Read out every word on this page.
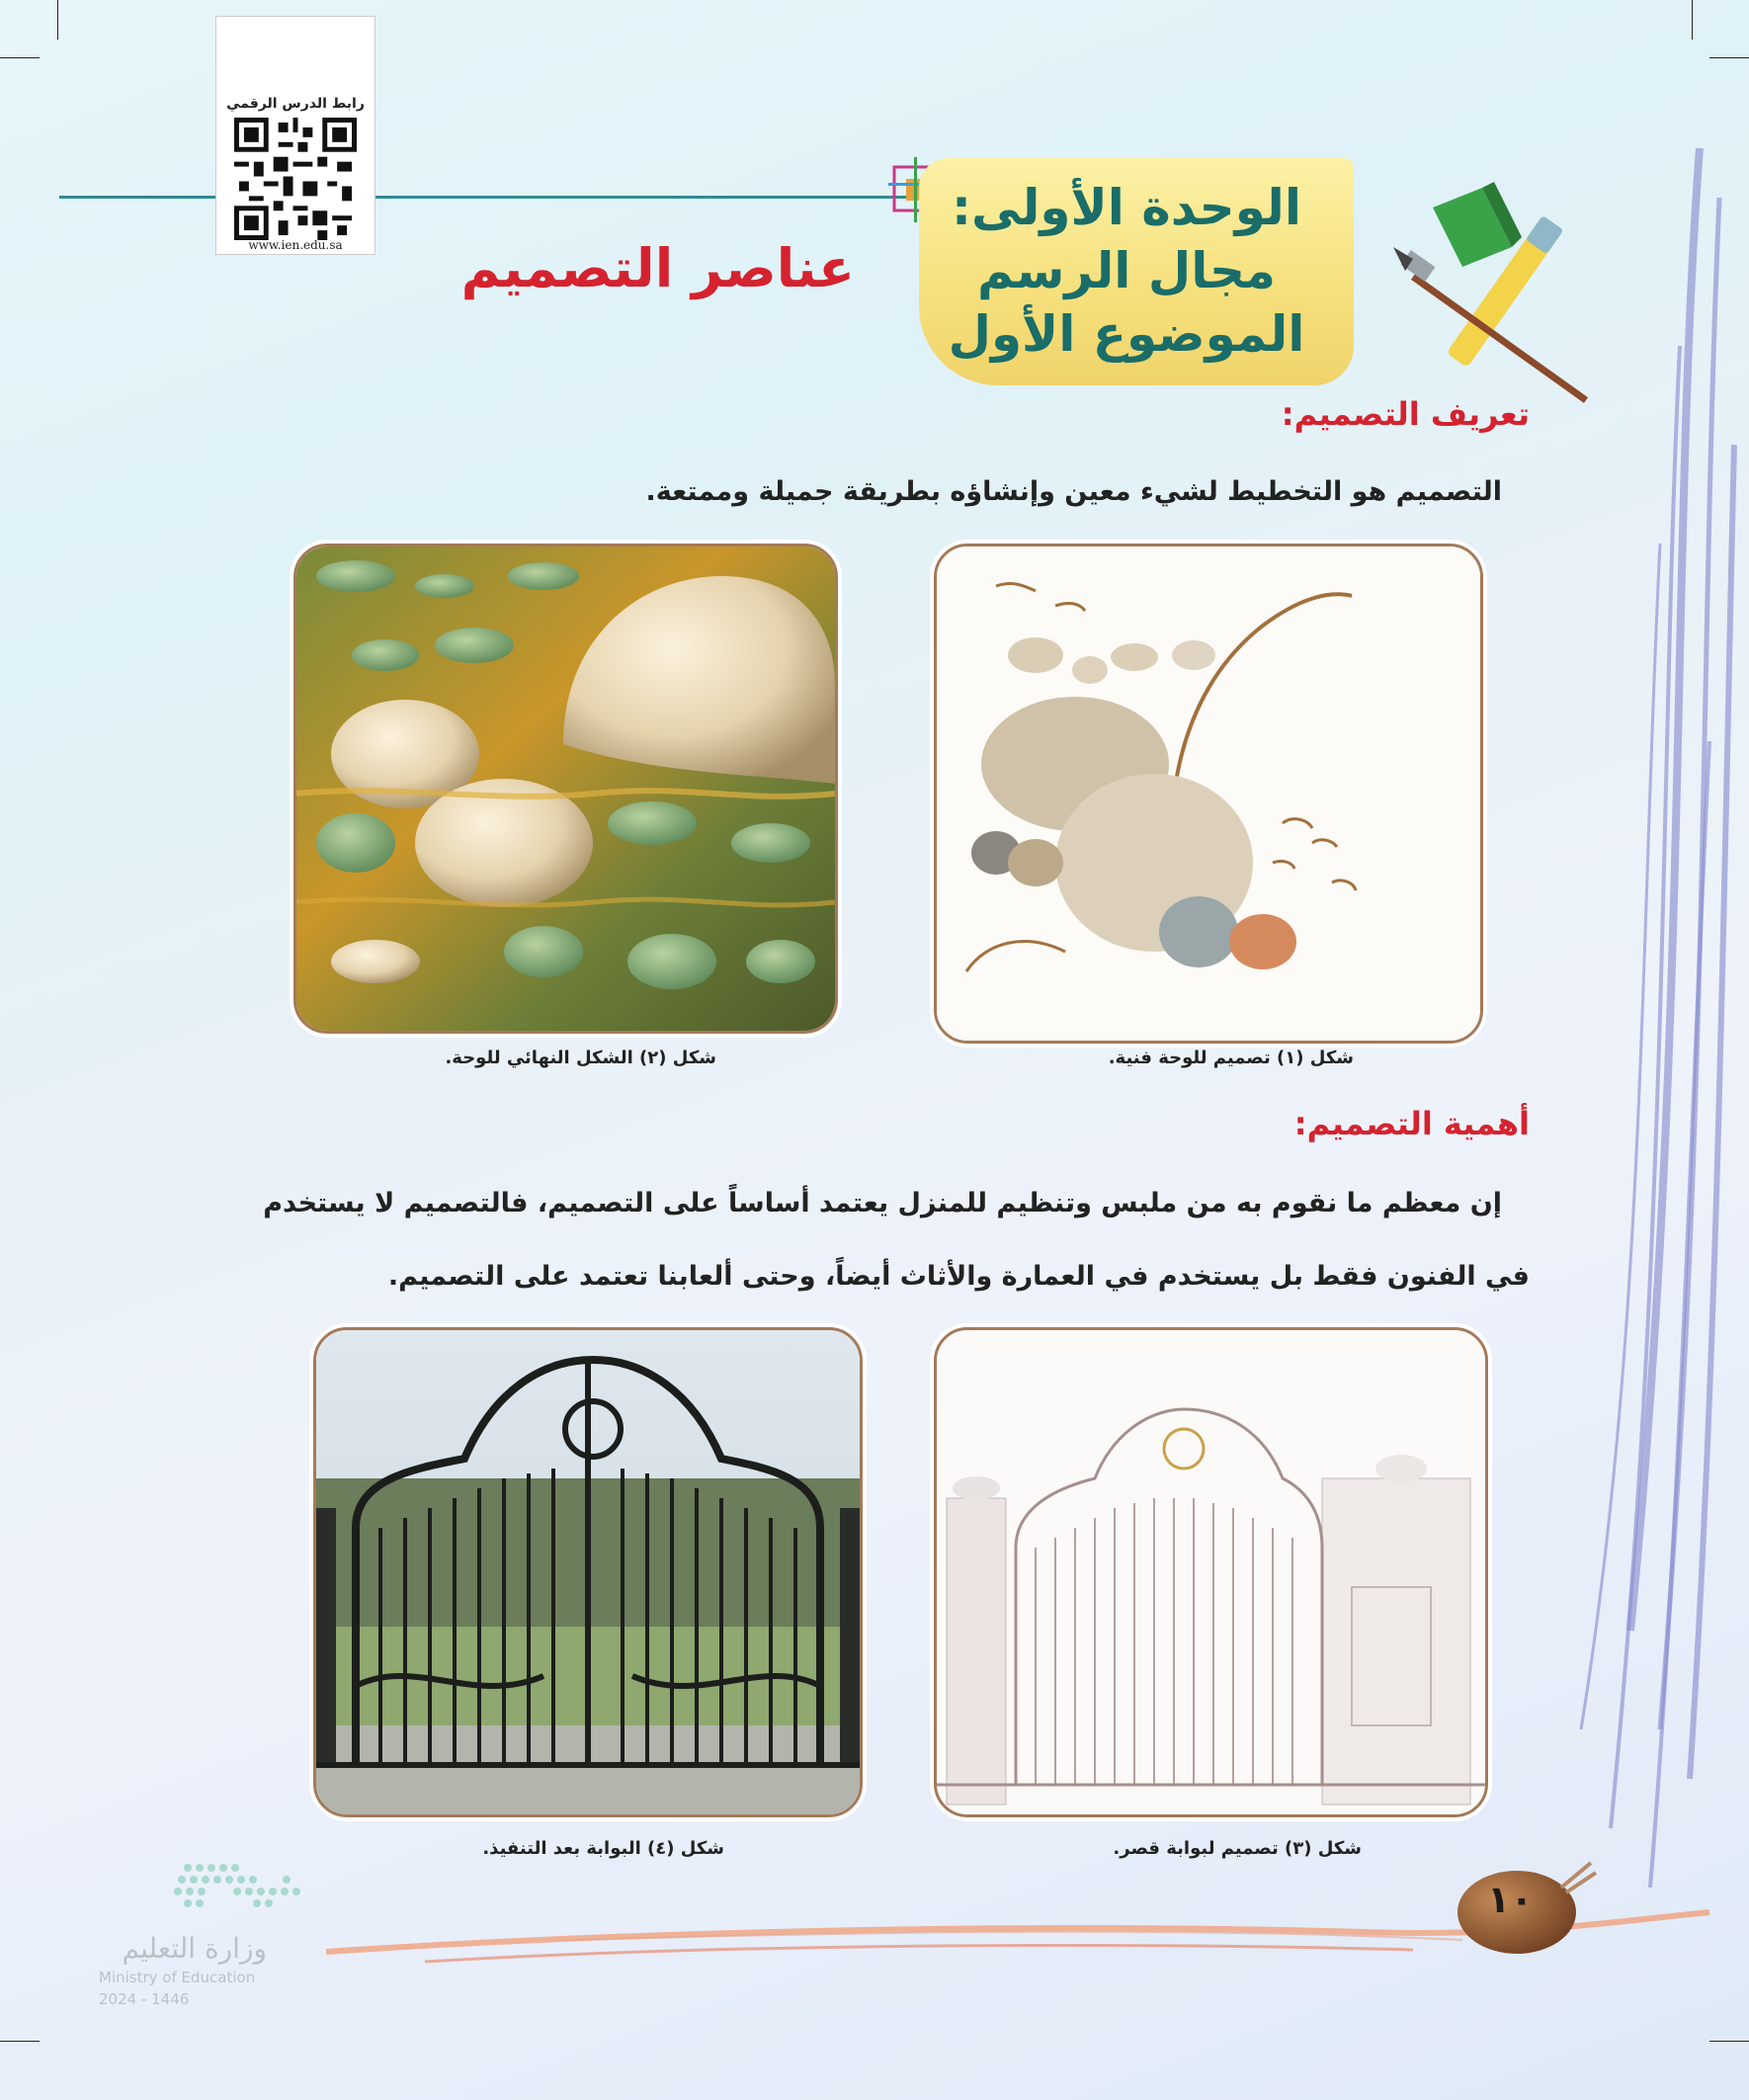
رابط الدرس الرقمي
www.ien.edu.sa
الوحدة الأولى:
مجال الرسم
الموضوع الأول
عناصر التصميم
تعريف التصميم:
التصميم هو التخطيط لشيء معين وإنشاؤه بطريقة جميلة وممتعة.
شكل (١) تصميم للوحة فنية.
شكل (٢) الشكل النهائي للوحة.
أهمية التصميم:
إن معظم ما نقوم به من ملبس وتنظيم للمنزل يعتمد أساساً على التصميم، فالتصميم لا يستخدم
في الفنون فقط بل يستخدم في العمارة والأثاث أيضاً، وحتى ألعابنا تعتمد على التصميم.
شكل (٣) تصميم لبوابة قصر.
شكل (٤) البوابة بعد التنفيذ.
١٠
وزارة التعليم
Ministry of Education
2024 - 1446
